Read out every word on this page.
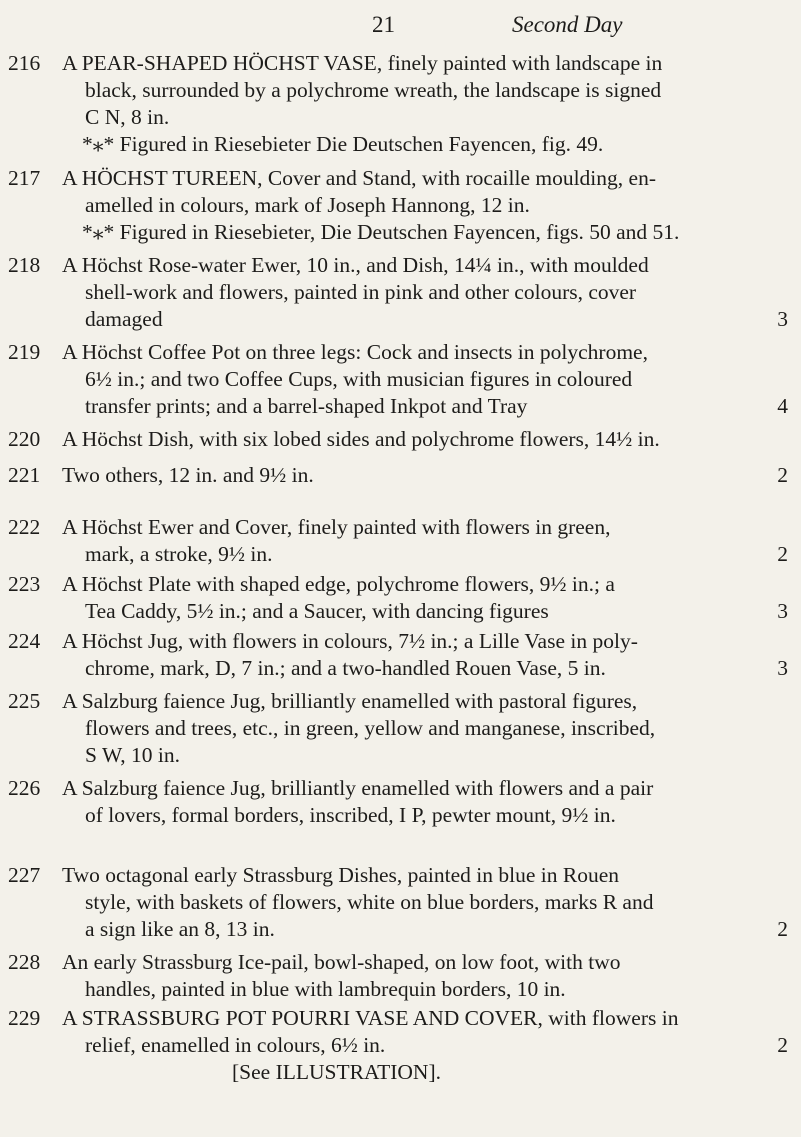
21	Second Day
216	A PEAR-SHAPED HÖCHST VASE, finely painted with landscape in
black, surrounded by a polychrome wreath, the landscape is signed
C N, 8 in.
*⁎* Figured in Riesebieter Die Deutschen Fayencen, fig. 49.
217	A HÖCHST TUREEN, Cover and Stand, with rocaille moulding, en-
amelled in colours, mark of Joseph Hannong, 12 in.
*⁎* Figured in Riesebieter, Die Deutschen Fayencen, figs. 50 and 51.
218	A Höchst Rose-water Ewer, 10 in., and Dish, 14¼ in., with moulded
shell-work and flowers, painted in pink and other colours, cover
damaged	3
219	A Höchst Coffee Pot on three legs: Cock and insects in polychrome,
6½ in.; and two Coffee Cups, with musician figures in coloured
transfer prints; and a barrel-shaped Inkpot and Tray	4
220	A Höchst Dish, with six lobed sides and polychrome flowers, 14½ in.
221	Two others, 12 in. and 9½ in.	2
222	A Höchst Ewer and Cover, finely painted with flowers in green,
mark, a stroke, 9½ in.	2
223	A Höchst Plate with shaped edge, polychrome flowers, 9½ in.; a
Tea Caddy, 5½ in.; and a Saucer, with dancing figures	3
224	A Höchst Jug, with flowers in colours, 7½ in.; a Lille Vase in poly-
chrome, mark, D, 7 in.; and a two-handled Rouen Vase, 5 in.	3
225	A Salzburg faience Jug, brilliantly enamelled with pastoral figures,
flowers and trees, etc., in green, yellow and manganese, inscribed,
S W, 10 in.
226	A Salzburg faience Jug, brilliantly enamelled with flowers and a pair
of lovers, formal borders, inscribed, I P, pewter mount, 9½ in.
227	Two octagonal early Strassburg Dishes, painted in blue in Rouen
style, with baskets of flowers, white on blue borders, marks R and
a sign like an 8, 13 in.	2
228	An early Strassburg Ice-pail, bowl-shaped, on low foot, with two
handles, painted in blue with lambrequin borders, 10 in.
229	A STRASSBURG POT POURRI VASE AND COVER, with flowers in
relief, enamelled in colours, 6½ in.	2
[See ILLUSTRATION].
